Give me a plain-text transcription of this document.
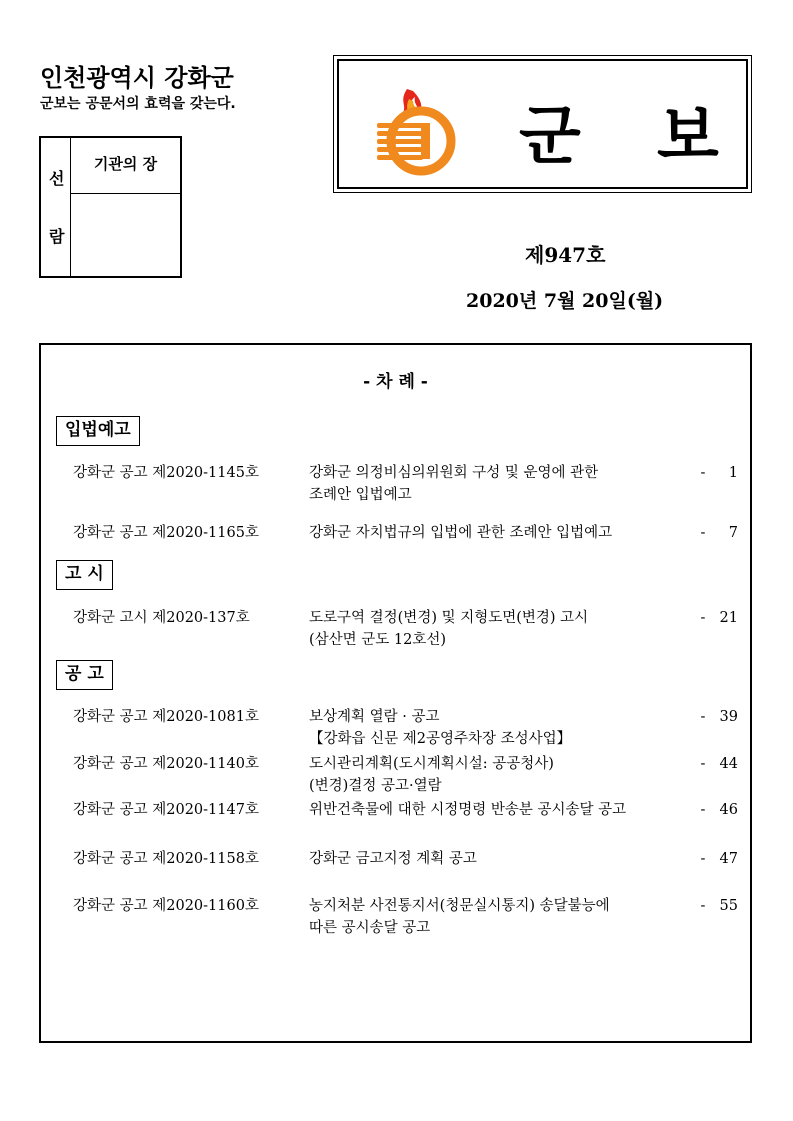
인천광역시 강화군
군보는 공문서의 효력을 갖는다.
선
람
기관의 장	군 보
제947호
2020년 7월 20일(월)
- 차 례 -
입법예고
강화군 공고 제2020-1145호	강화군 의정비심의위원회 구성 및 운영에 관한
조례안 입법예고
- 1
강화군 공고 제2020-1165호	강화군 자치법규의 입법에 관한 조례안 입법예고	- 7
고 시
강화군 고시 제2020-137호	도로구역 결정(변경) 및 지형도면(변경) 고시
(삼산면 군도 12호선)
- 21
공 고
강화군 공고 제2020-1081호	보상계획 열람 · 공고
【강화읍 신문 제2공영주차장 조성사업】
- 39
강화군 공고 제2020-1140호	도시관리계획(도시계획시설: 공공청사)
(변경)결정 공고·열람
- 44
강화군 공고 제2020-1147호	위반건축물에 대한 시정명령 반송분 공시송달 공고	- 46
강화군 공고 제2020-1158호	강화군 금고지정 계획 공고	- 47
강화군 공고 제2020-1160호	농지처분 사전통지서(청문실시통지) 송달불능에
따른 공시송달 공고
- 55
